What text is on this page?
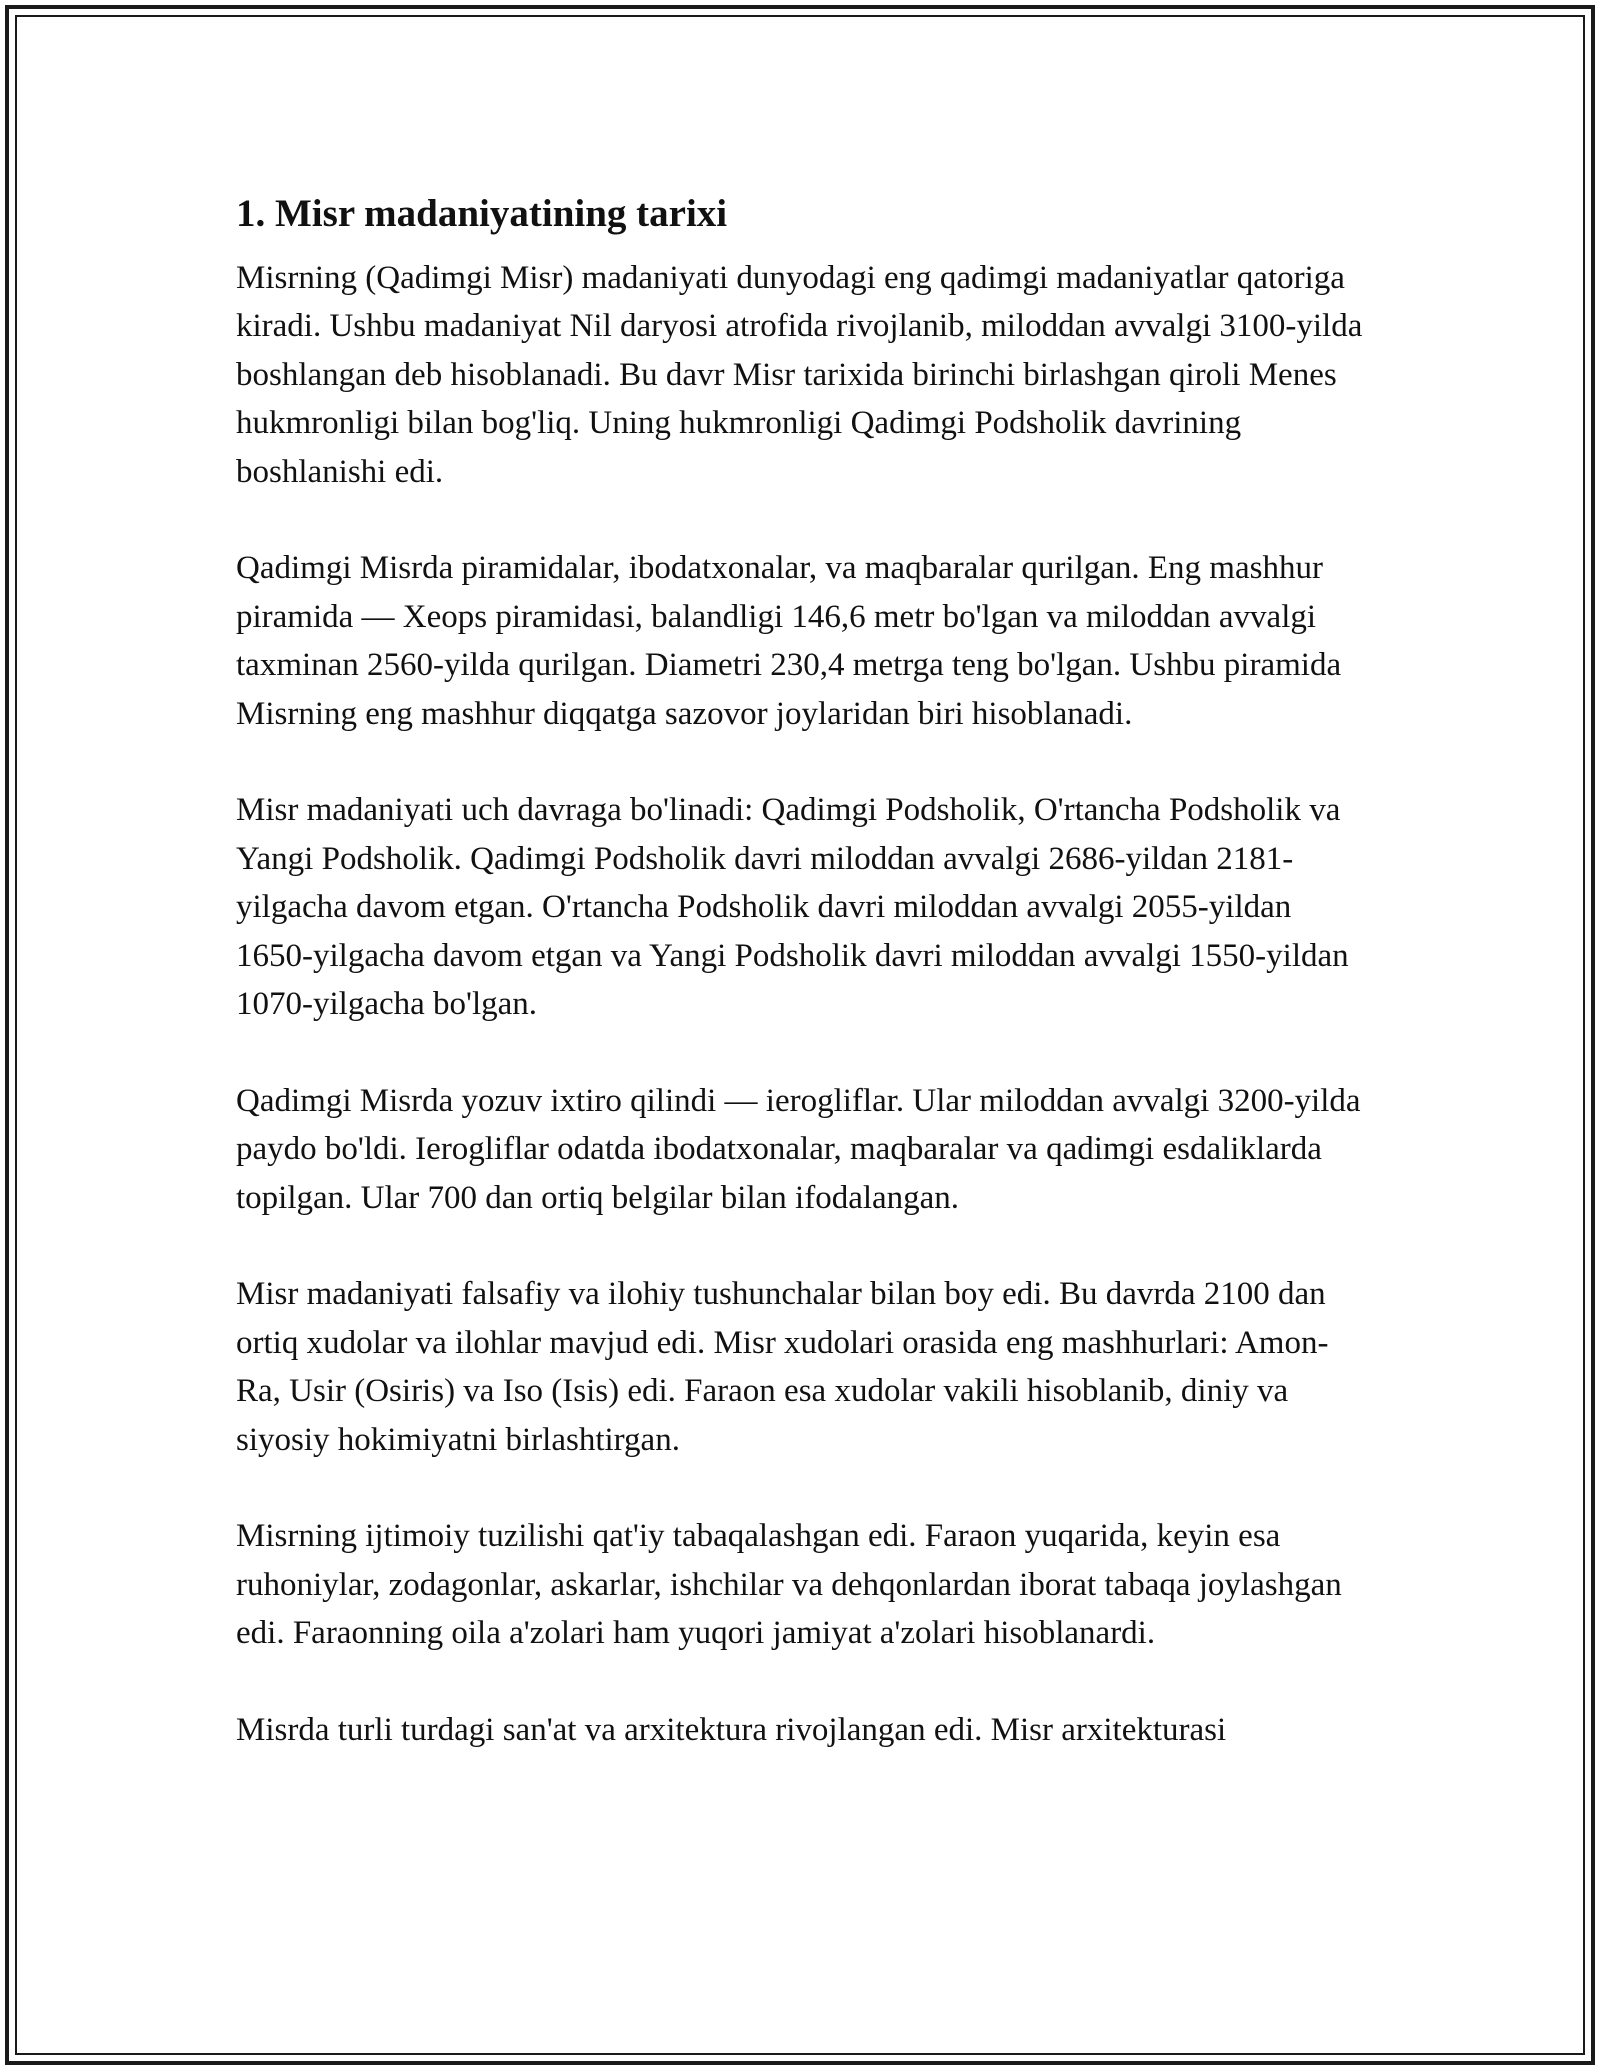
1. Misr madaniyatining tarixi

Misrning (Qadimgi Misr) madaniyati dunyodagi eng qadimgi madaniyatlar qatoriga kiradi. Ushbu madaniyat Nil daryosi atrofida rivojlanib, miloddan avvalgi 3100-yilda boshlangan deb hisoblanadi. Bu davr Misr tarixida birinchi birlashgan qiroli Menes hukmronligi bilan bog'liq. Uning hukmronligi Qadimgi Podsholik davrining boshlanishi edi.

Qadimgi Misrda piramidalar, ibodatxonalar, va maqbaralar qurilgan. Eng mashhur piramida — Xeops piramidasi, balandligi 146,6 metr bo'lgan va miloddan avvalgi taxminan 2560-yilda qurilgan. Diametri 230,4 metrga teng bo'lgan. Ushbu piramida Misrning eng mashhur diqqatga sazovor joylaridan biri hisoblanadi.

Misr madaniyati uch davraga bo'linadi: Qadimgi Podsholik, O'rtancha Podsholik va Yangi Podsholik. Qadimgi Podsholik davri miloddan avvalgi 2686-yildan 2181-yilgacha davom etgan. O'rtancha Podsholik davri miloddan avvalgi 2055-yildan 1650-yilgacha davom etgan va Yangi Podsholik davri miloddan avvalgi 1550-yildan 1070-yilgacha bo'lgan.

Qadimgi Misrda yozuv ixtiro qilindi — ierogliflar. Ular miloddan avvalgi 3200-yilda paydo bo'ldi. Ierogliflar odatda ibodatxonalar, maqbaralar va qadimgi esdaliklarda topilgan. Ular 700 dan ortiq belgilar bilan ifodalangan.

Misr madaniyati falsafiy va ilohiy tushunchalar bilan boy edi. Bu davrda 2100 dan ortiq xudolar va ilohlar mavjud edi. Misr xudolari orasida eng mashhurlari: Amon-Ra, Usir (Osiris) va Iso (Isis) edi. Faraon esa xudolar vakili hisoblanib, diniy va siyosiy hokimiyatni birlashtirgan.

Misrning ijtimoiy tuzilishi qat'iy tabaqalashgan edi. Faraon yuqarida, keyin esa ruhoniylar, zodagonlar, askarlar, ishchilar va dehqonlardan iborat tabaqa joylashgan edi. Faraonning oila a'zolari ham yuqori jamiyat a'zolari hisoblanardi.

Misrda turli turdagi san'at va arxitektura rivojlangan edi. Misr arxitekturasi
